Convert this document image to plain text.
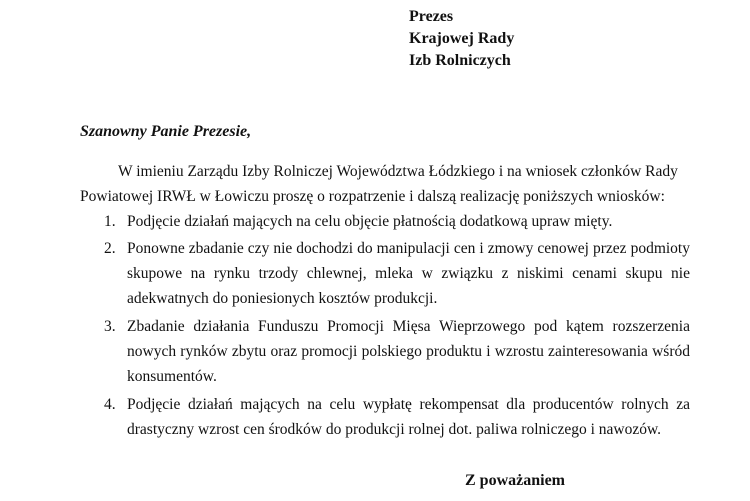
Prezes
Krajowej Rady
Izb Rolniczych
Szanowny Panie Prezesie,
W imieniu Zarządu Izby Rolniczej Województwa Łódzkiego i na wniosek członków Rady
Powiatowej IRWŁ w Łowiczu proszę o rozpatrzenie i dalszą realizację poniższych wniosków:
1. Podjęcie działań mających na celu objęcie płatnością dodatkową upraw mięty.
2. Ponowne zbadanie czy nie dochodzi do manipulacji cen i zmowy cenowej przez podmioty skupowe na rynku trzody chlewnej, mleka w związku z niskimi cenami skupu nie adekwatnych do poniesionych kosztów produkcji.
3. Zbadanie działania Funduszu Promocji Mięsa Wieprzowego pod kątem rozszerzenia nowych rynków zbytu oraz promocji polskiego produktu i wzrostu zainteresowania wśród konsumentów.
4. Podjęcie działań mających na celu wypłatę rekompensat dla producentów rolnych za drastyczny wzrost cen środków do produkcji rolnej dot. paliwa rolniczego i nawozów.
Z poważaniem
